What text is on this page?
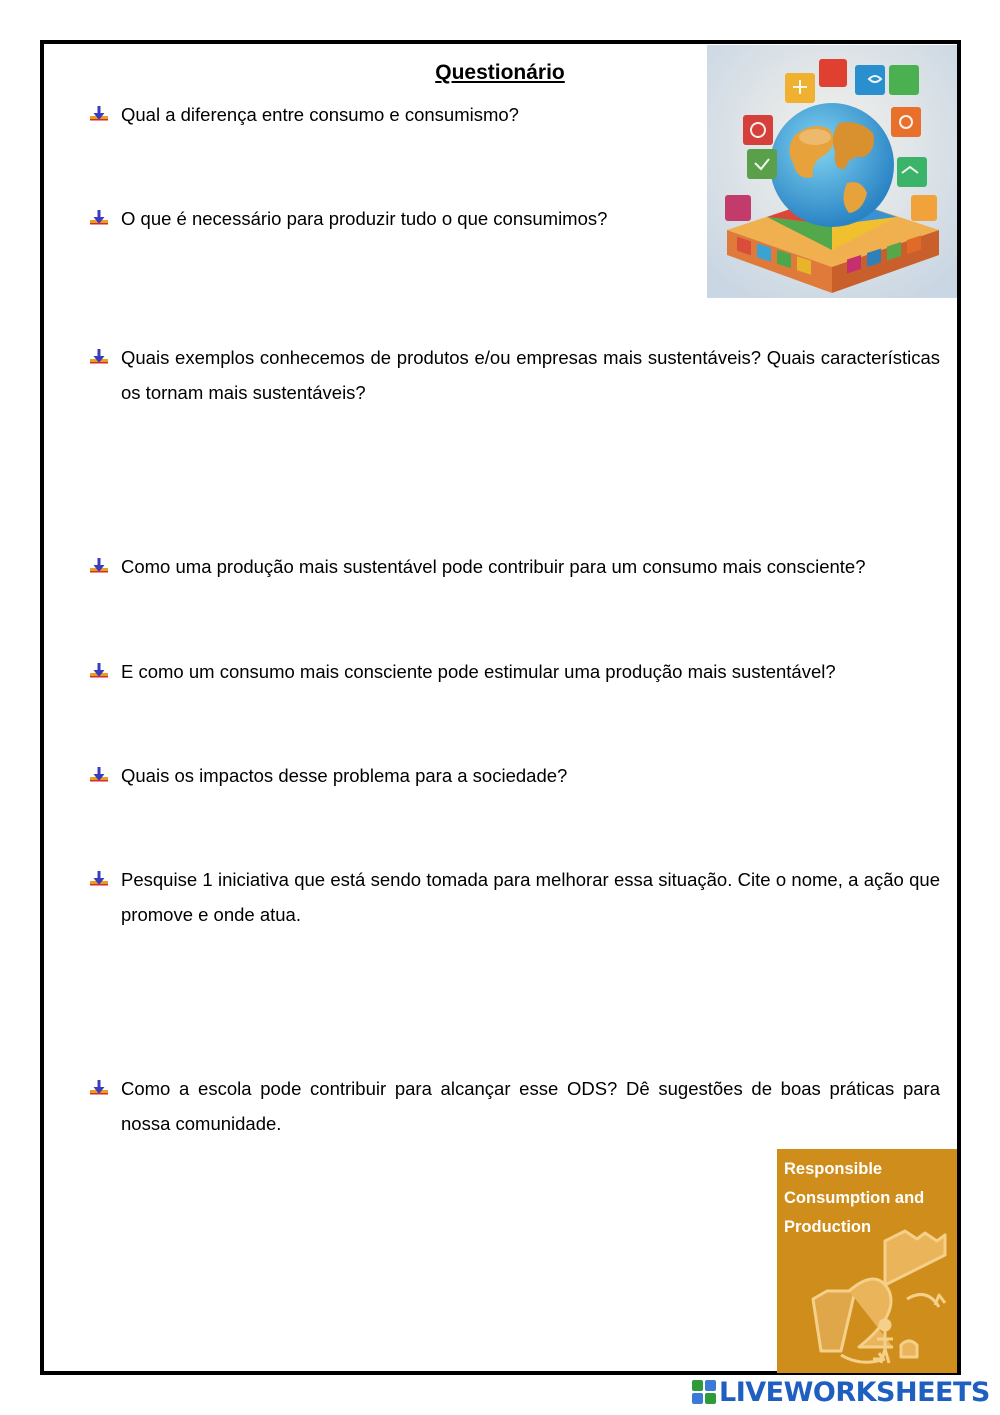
Questionário
Qual a diferença entre consumo e consumismo?
O que é necessário para produzir tudo o que consumimos?
Quais exemplos conhecemos de produtos e/ou empresas mais sustentáveis? Quais características os tornam mais sustentáveis?
Como uma produção mais sustentável pode contribuir para um consumo mais consciente?
E como um consumo mais consciente pode estimular uma produção mais sustentável?
Quais os impactos desse problema para a sociedade?
Pesquise 1 iniciativa que está sendo tomada para melhorar essa situação. Cite o nome, a ação que promove e onde atua.
Como a escola pode contribuir para alcançar esse ODS? Dê sugestões de boas práticas para nossa comunidade.
Responsible
Consumption and
Production
LIVEWORKSHEETS
